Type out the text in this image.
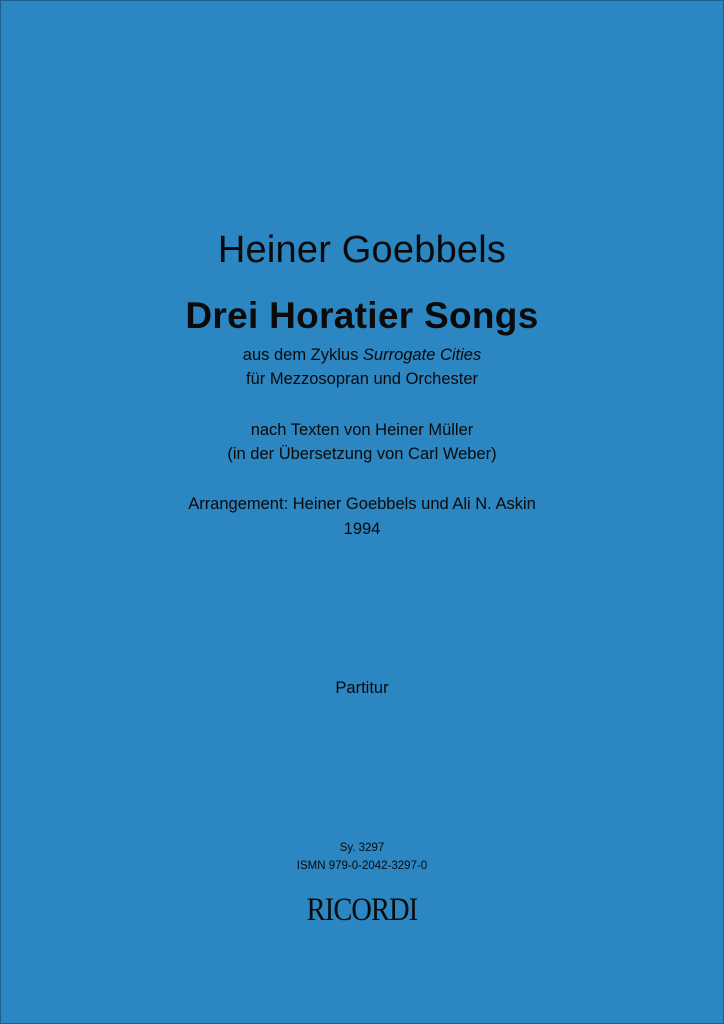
Heiner Goebbels
Drei Horatier Songs
aus dem Zyklus Surrogate Cities
für Mezzosopran und Orchester
nach Texten von Heiner Müller
(in der Übersetzung von Carl Weber)
Arrangement: Heiner Goebbels und Ali N. Askin
1994
Partitur
Sy. 3297
ISMN 979-0-2042-3297-0
RICORDI
